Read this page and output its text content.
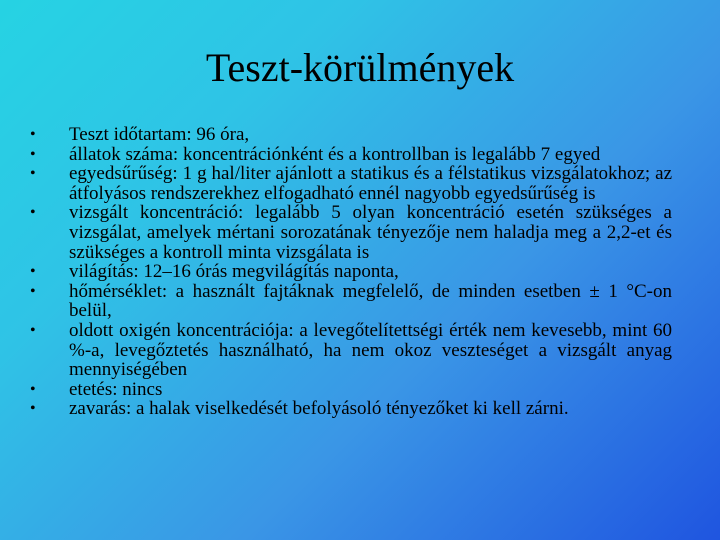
Teszt-körülmények
• Teszt időtartam: 96 óra,
• állatok száma: koncentrációnként és a kontrollban is legalább 7 egyed
• egyedsűrűség: 1 g hal/liter ajánlott a statikus és a félstatikus vizsgálatokhoz; az átfolyásos rendszerekhez elfogadható ennél nagyobb egyedsűrűség is
• vizsgált koncentráció: legalább 5 olyan koncentráció esetén szükséges a vizsgálat, amelyek mértani sorozatának tényezője nem haladja meg a 2,2-et és szükséges a kontroll minta vizsgálata is
• világítás: 12–16 órás megvilágítás naponta,
• hőmérséklet: a használt fajtáknak megfelelő, de minden esetben ± 1 °C-on belül,
• oldott oxigén koncentrációja: a levegőtelítettségi érték nem kevesebb, mint 60 %-a, levegőztetés használható, ha nem okoz veszteséget a vizsgált anyag mennyiségében
• etetés: nincs
• zavarás: a halak viselkedését befolyásoló tényezőket ki kell zárni.
